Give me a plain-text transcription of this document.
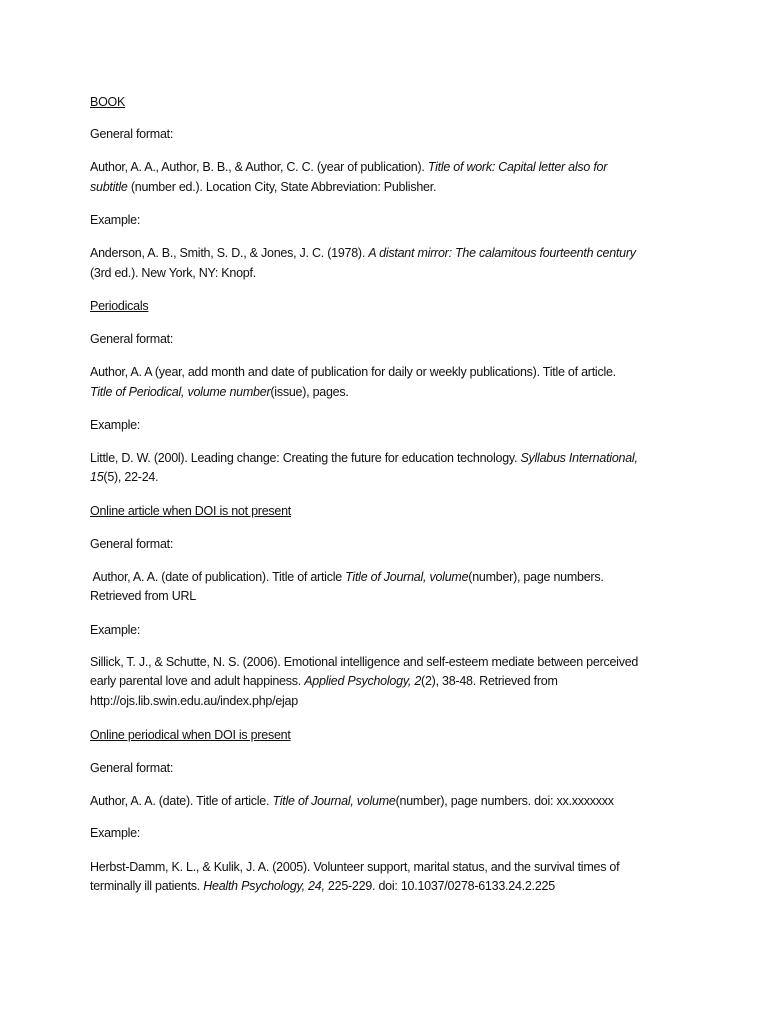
BOOK

General format:

Author, A. A., Author, B. B., & Author, C. C. (year of publication). Title of work: Capital letter also for

subtitle (number ed.). Location City, State Abbreviation: Publisher.

Example:

Anderson, A. B., Smith, S. D., & Jones, J. C. (1978). A distant mirror: The calamitous fourteenth century

(3rd ed.). New York, NY: Knopf.

Periodicals

General format:

Author, A. A (year, add month and date of publication for daily or weekly publications). Title of article.

Title of Periodical, volume number(issue), pages.

Example:

Little, D. W. (200l). Leading change: Creating the future for education technology. Syllabus International,

15(5), 22-24.

Online article when DOI is not present

General format:

Author, A. A. (date of publication). Title of article Title of Journal, volume(number), page numbers.

Retrieved from URL

Example:

Sillick, T. J., & Schutte, N. S. (2006). Emotional intelligence and self-esteem mediate between perceived

early parental love and adult happiness. Applied Psychology, 2(2), 38-48. Retrieved from

http://ojs.lib.swin.edu.au/index.php/ejap

Online periodical when DOI is present

General format:

Author, A. A. (date). Title of article. Title of Journal, volume(number), page numbers. doi: xx.xxxxxxx

Example:

Herbst-Damm, K. L., & Kulik, J. A. (2005). Volunteer support, marital status, and the survival times of

terminally ill patients. Health Psychology, 24, 225-229. doi: 10.1037/0278-6133.24.2.225
